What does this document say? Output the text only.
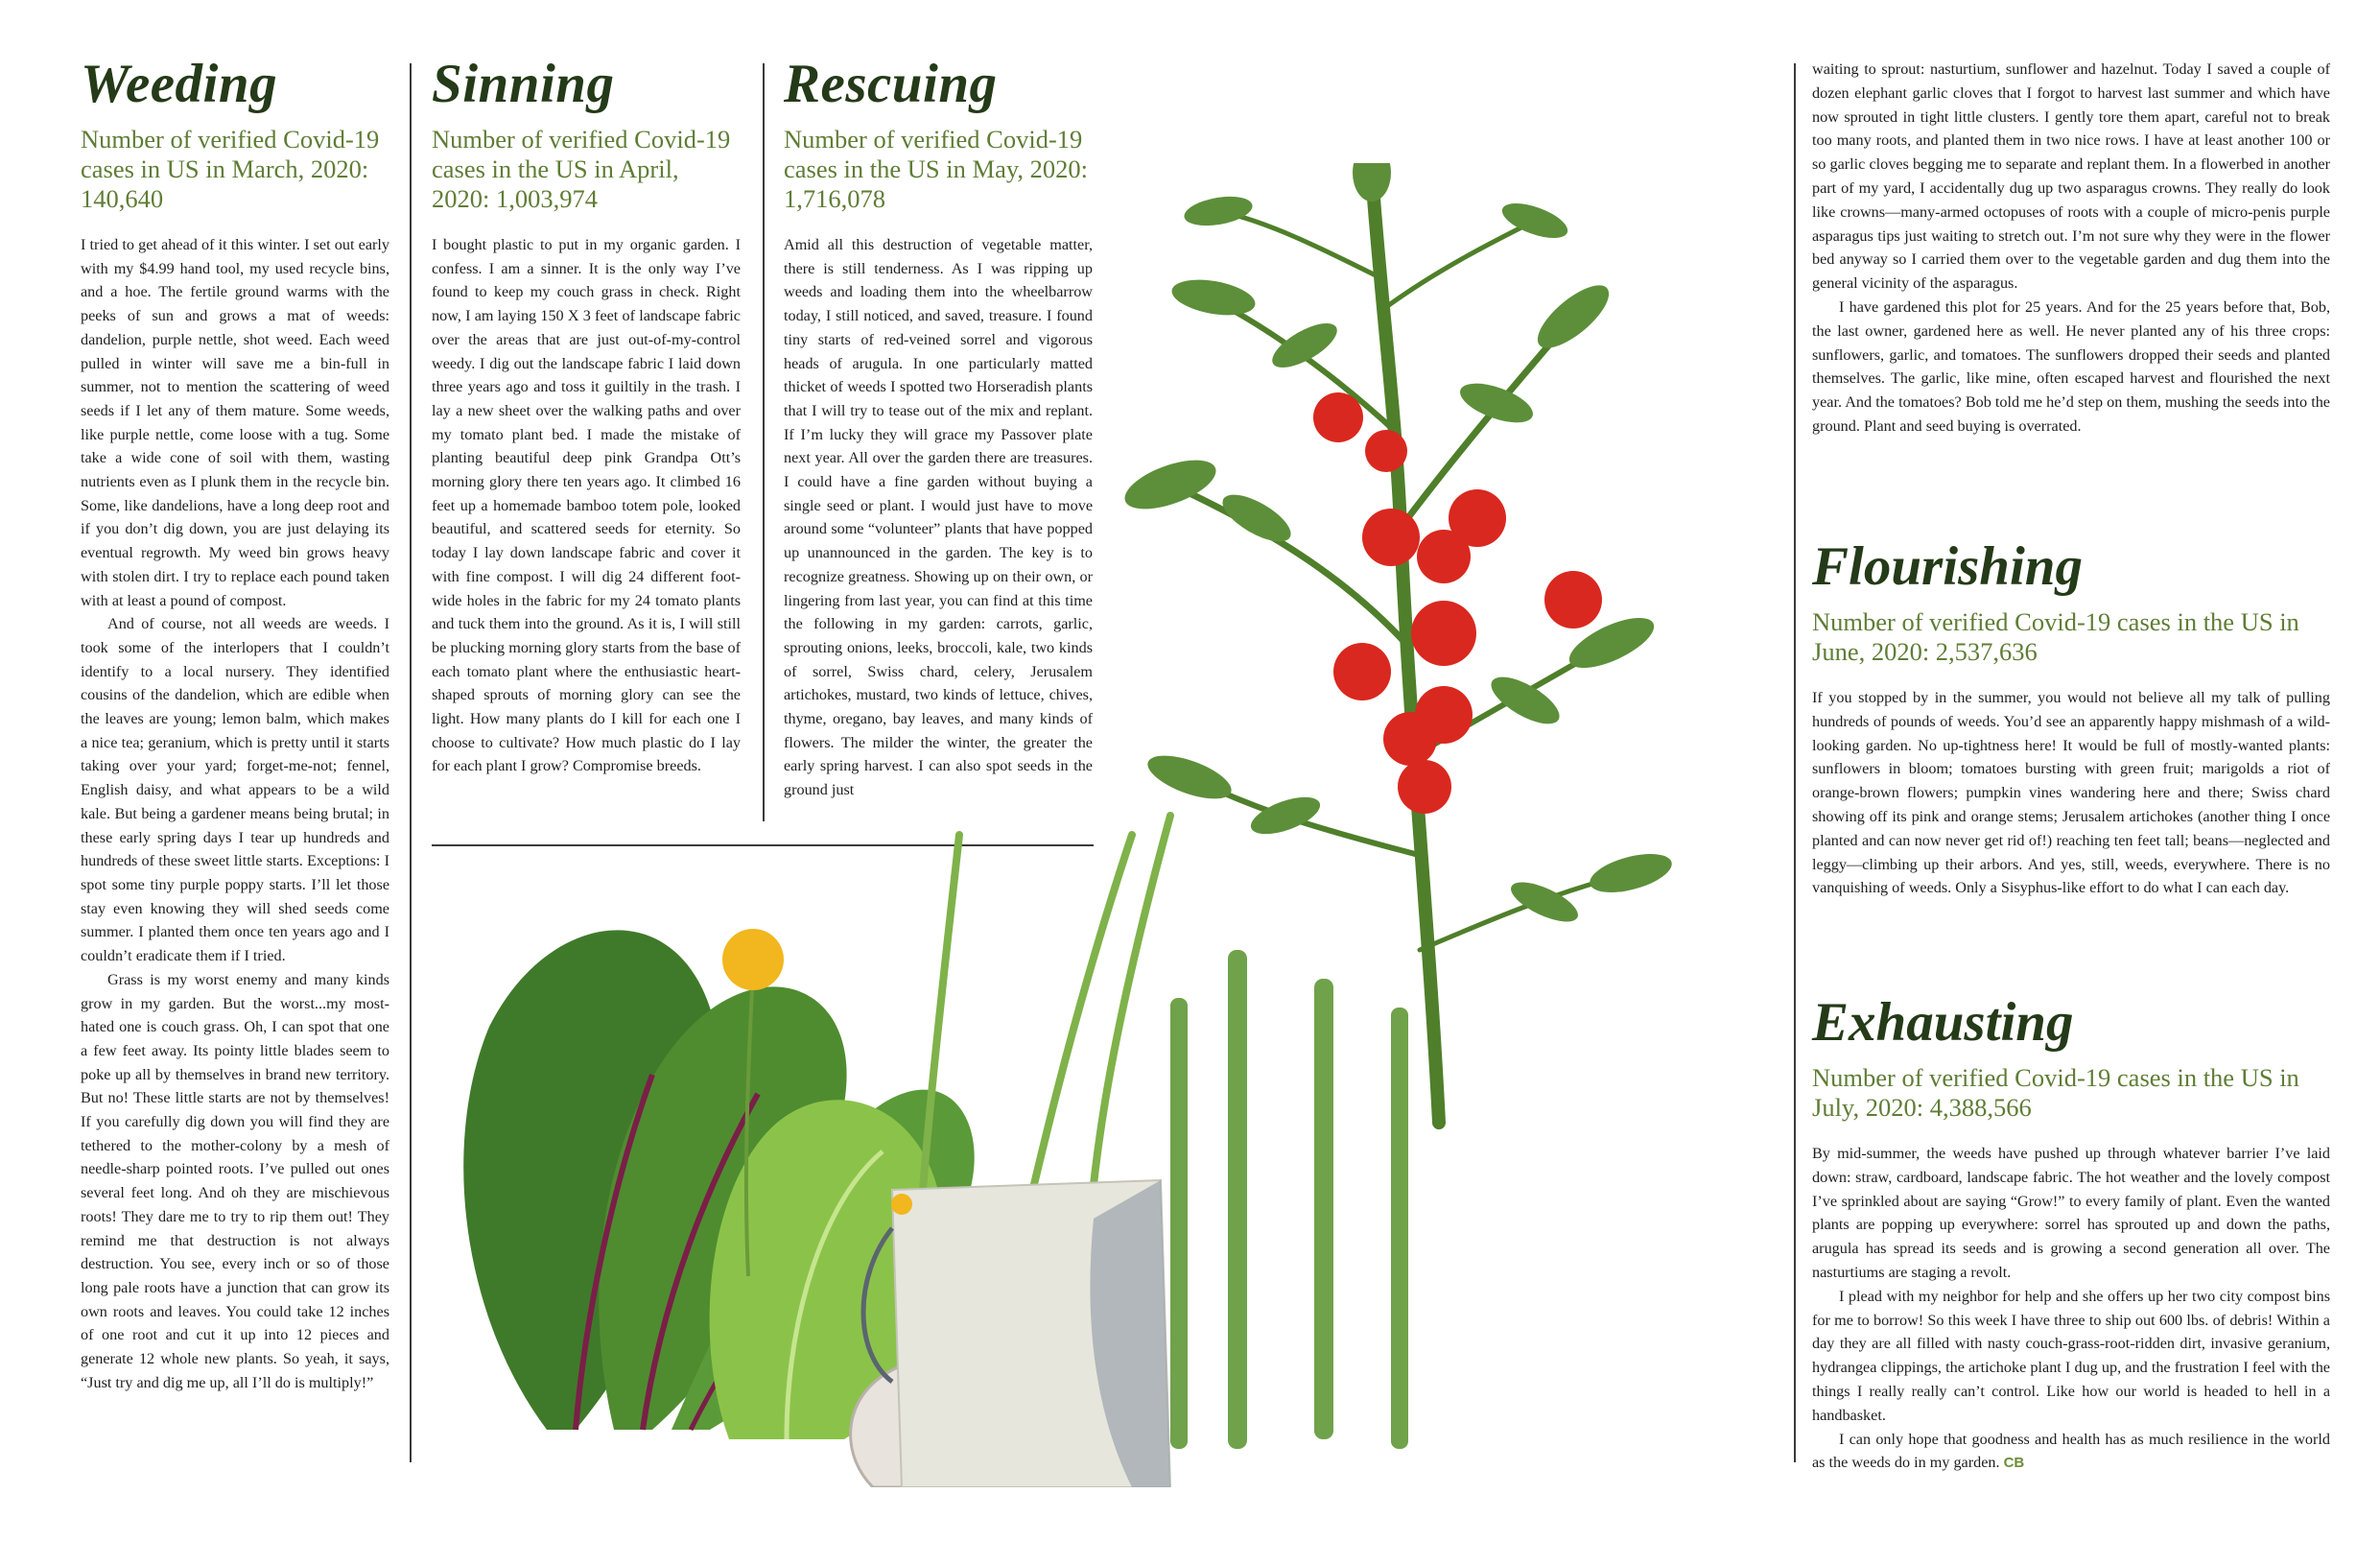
Weeding
Number of verified Covid-19 cases in US in March, 2020: 140,640

I tried to get ahead of it this winter. I set out early with my $4.99 hand tool, my used recycle bins, and a hoe. The fertile ground warms with the peeks of sun and grows a mat of weeds: dandelion, purple nettle, shot weed. Each weed pulled in winter will save me a bin-full in summer, not to mention the scattering of weed seeds if I let any of them mature. Some weeds, like purple nettle, come loose with a tug. Some take a wide cone of soil with them, wasting nutrients even as I plunk them in the recycle bin. Some, like dandelions, have a long deep root and if you don’t dig down, you are just delaying its eventual regrowth. My weed bin grows heavy with stolen dirt. I try to replace each pound taken with at least a pound of compost.

And of course, not all weeds are weeds. I took some of the interlopers that I couldn’t identify to a local nursery. They identified cousins of the dandelion, which are edible when the leaves are young; lemon balm, which makes a nice tea; geranium, which is pretty until it starts taking over your yard; forget-me-not; fennel, English daisy, and what appears to be a wild kale. But being a gardener means being brutal; in these early spring days I tear up hundreds and hundreds of these sweet little starts. Exceptions: I spot some tiny purple poppy starts. I’ll let those stay even knowing they will shed seeds come summer. I planted them once ten years ago and I couldn’t eradicate them if I tried.

Grass is my worst enemy and many kinds grow in my garden. But the worst...my most-hated one is couch grass. Oh, I can spot that one a few feet away. Its pointy little blades seem to poke up all by themselves in brand new territory. But no! These little starts are not by themselves! If you carefully dig down you will find they are tethered to the mother-colony by a mesh of needle-sharp pointed roots. I’ve pulled out ones several feet long. And oh they are mischievous roots! They dare me to try to rip them out! They remind me that destruction is not always destruction. You see, every inch or so of those long pale roots have a junction that can grow its own roots and leaves. You could take 12 inches of one root and cut it up into 12 pieces and generate 12 whole new plants. So yeah, it says, “Just try and dig me up, all I’ll do is multiply!”

Sinning
Number of verified Covid-19 cases in the US in April, 2020: 1,003,974

I bought plastic to put in my organic garden. I confess. I am a sinner. It is the only way I’ve found to keep my couch grass in check. Right now, I am laying 150 X 3 feet of landscape fabric over the areas that are just out-of-my-control weedy. I dig out the landscape fabric I laid down three years ago and toss it guiltily in the trash. I lay a new sheet over the walking paths and over my tomato plant bed. I made the mistake of planting beautiful deep pink Grandpa Ott’s morning glory there ten years ago. It climbed 16 feet up a homemade bamboo totem pole, looked beautiful, and scattered seeds for eternity. So today I lay down landscape fabric and cover it with fine compost. I will dig 24 different foot-wide holes in the fabric for my 24 tomato plants and tuck them into the ground. As it is, I will still be plucking morning glory starts from the base of each tomato plant where the enthusiastic heart-shaped sprouts of morning glory can see the light. How many plants do I kill for each one I choose to cultivate? How much plastic do I lay for each plant I grow? Compromise breeds.

Rescuing
Number of verified Covid-19 cases in the US in May, 2020: 1,716,078

Amid all this destruction of vegetable matter, there is still tenderness. As I was ripping up weeds and loading them into the wheelbarrow today, I still noticed, and saved, treasure. I found tiny starts of red-veined sorrel and vigorous heads of arugula. In one particularly matted thicket of weeds I spotted two Horseradish plants that I will try to tease out of the mix and replant. If I’m lucky they will grace my Passover plate next year. All over the garden there are treasures. I could have a fine garden without buying a single seed or plant. I would just have to move around some “volunteer” plants that have popped up unannounced in the garden. The key is to recognize greatness. Showing up on their own, or lingering from last year, you can find at this time the following in my garden: carrots, garlic, sprouting onions, leeks, broccoli, kale, two kinds of sorrel, Swiss chard, celery, Jerusalem artichokes, mustard, two kinds of lettuce, chives, thyme, oregano, bay leaves, and many kinds of flowers. The milder the winter, the greater the early spring harvest. I can also spot seeds in the ground just

waiting to sprout: nasturtium, sunflower and hazelnut. Today I saved a couple of dozen elephant garlic cloves that I forgot to harvest last summer and which have now sprouted in tight little clusters. I gently tore them apart, careful not to break too many roots, and planted them in two nice rows. I have at least another 100 or so garlic cloves begging me to separate and replant them. In a flowerbed in another part of my yard, I accidentally dug up two asparagus crowns. They really do look like crowns—many-armed octopuses of roots with a couple of micro-penis purple asparagus tips just waiting to stretch out. I’m not sure why they were in the flower bed anyway so I carried them over to the vegetable garden and dug them into the general vicinity of the asparagus.

I have gardened this plot for 25 years. And for the 25 years before that, Bob, the last owner, gardened here as well. He never planted any of his three crops: sunflowers, garlic, and tomatoes. The sunflowers dropped their seeds and planted themselves. The garlic, like mine, often escaped harvest and flourished the next year. And the tomatoes? Bob told me he’d step on them, mushing the seeds into the ground. Plant and seed buying is overrated.

Flourishing
Number of verified Covid-19 cases in the US in June, 2020: 2,537,636

If you stopped by in the summer, you would not believe all my talk of pulling hundreds of pounds of weeds. You’d see an apparently happy mishmash of a wild-looking garden. No up-tightness here! It would be full of mostly-wanted plants: sunflowers in bloom; tomatoes bursting with green fruit; marigolds a riot of orange-brown flowers; pumpkin vines wandering here and there; Swiss chard showing off its pink and orange stems; Jerusalem artichokes (another thing I once planted and can now never get rid of!) reaching ten feet tall; beans—neglected and leggy—climbing up their arbors. And yes, still, weeds, everywhere. There is no vanquishing of weeds. Only a Sisyphus-like effort to do what I can each day.

Exhausting
Number of verified Covid-19 cases in the US in July, 2020: 4,388,566

By mid-summer, the weeds have pushed up through whatever barrier I’ve laid down: straw, cardboard, landscape fabric. The hot weather and the lovely compost I’ve sprinkled about are saying “Grow!” to every family of plant. Even the wanted plants are popping up everywhere: sorrel has sprouted up and down the paths, arugula has spread its seeds and is growing a second generation all over. The nasturtiums are staging a revolt.

I plead with my neighbor for help and she offers up her two city compost bins for me to borrow! So this week I have three to ship out 600 lbs. of debris! Within a day they are all filled with nasty couch-grass-root-ridden dirt, invasive geranium, hydrangea clippings, the artichoke plant I dug up, and the frustration I feel with the things I really really can’t control. Like how our world is headed to hell in a handbasket.

I can only hope that goodness and health has as much resilience in the world as the weeds do in my garden. CB
